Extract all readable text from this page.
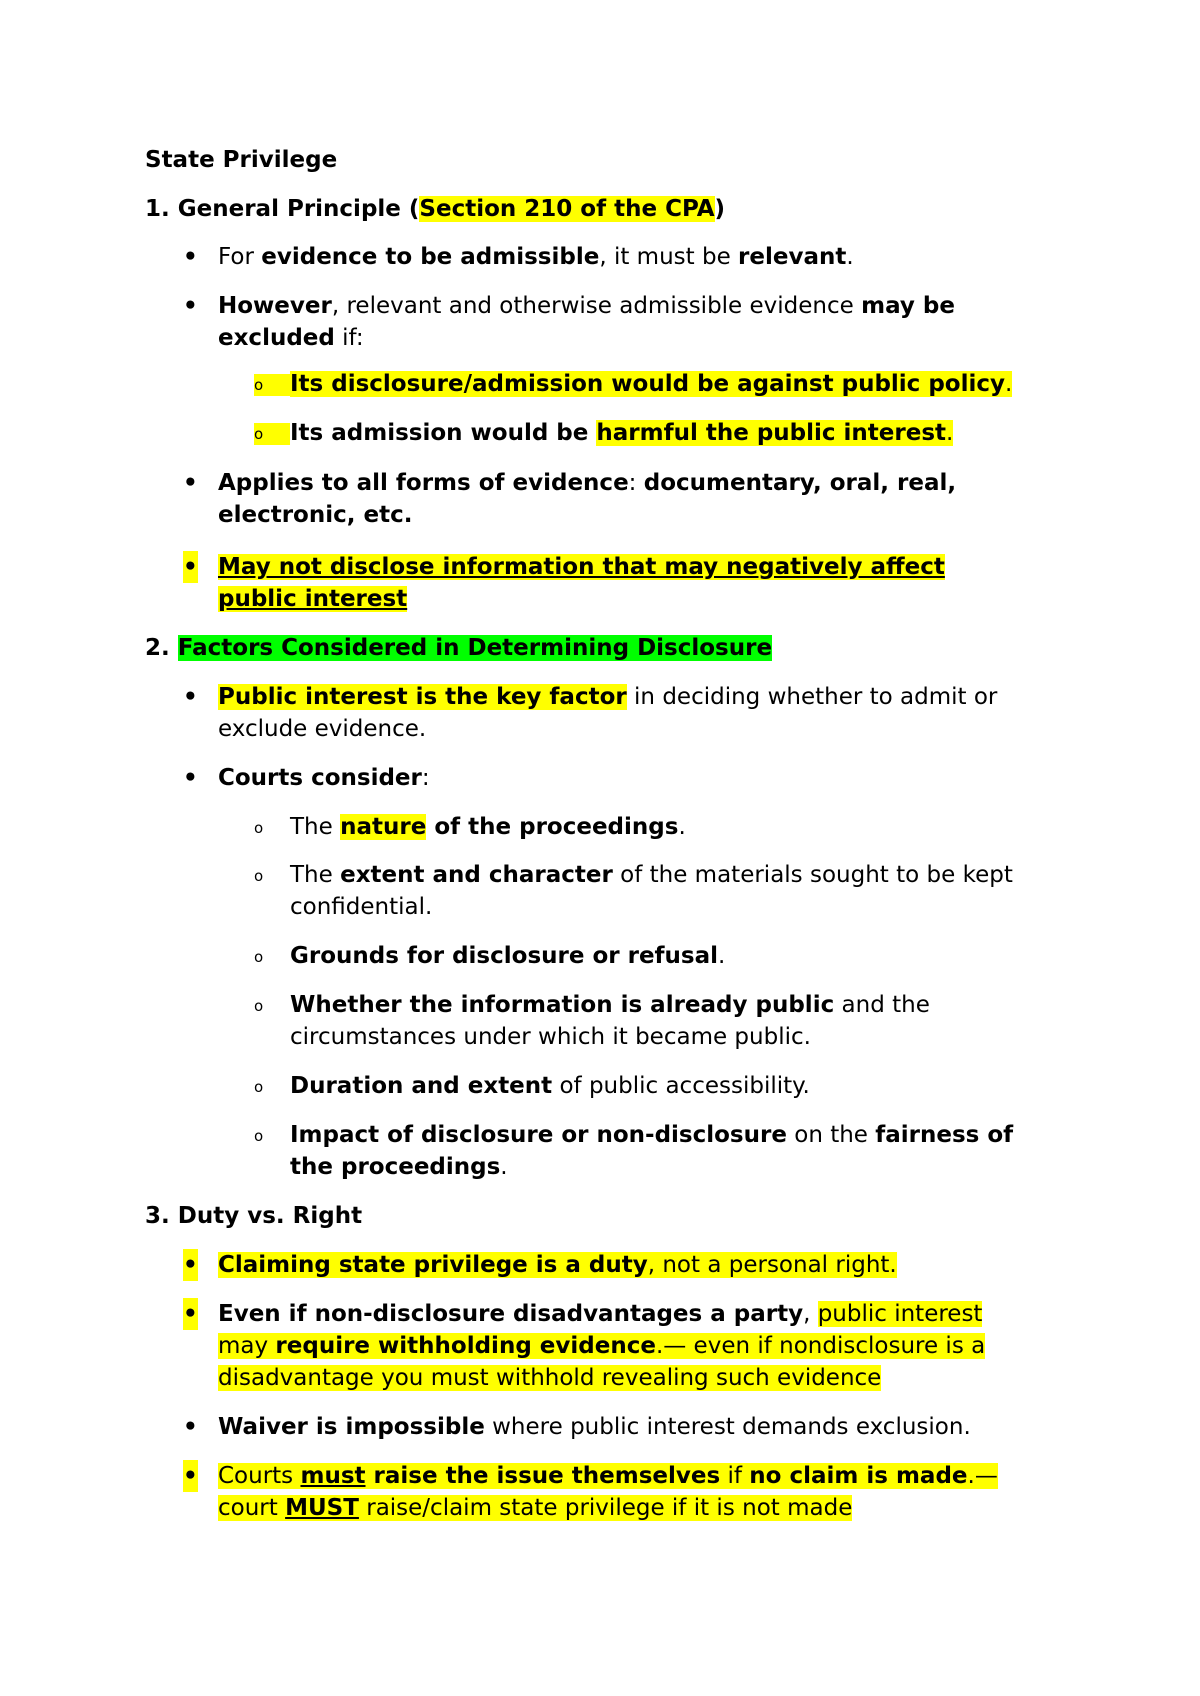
State Privilege
1. General Principle (Section 210 of the CPA)
• For evidence to be admissible, it must be relevant.
• However, relevant and otherwise admissible evidence may be
excluded if:
o	Its disclosure/admission would be against public policy.
o	Its admission would be harmful the public interest.
• Applies to all forms of evidence: documentary, oral, real,
electronic, etc.
• May not disclose information that may negatively affect
public interest
2. Factors Considered in Determining Disclosure
• Public interest is the key factor in deciding whether to admit or
exclude evidence.
• Courts consider:
o The nature of the proceedings.
o The extent and character of the materials sought to be kept
confidential.
o Grounds for disclosure or refusal.
o Whether the information is already public and the
circumstances under which it became public.
o Duration and extent of public accessibility.
o Impact of disclosure or non-disclosure on the fairness of
the proceedings.
3. Duty vs. Right
• Claiming state privilege is a duty, not a personal right.
• Even if non-disclosure disadvantages a party, public interest
may require withholding evidence.— even if nondisclosure is a
disadvantage you must withhold revealing such evidence
• Waiver is impossible where public interest demands exclusion.
• Courts must raise the issue themselves if no claim is made.—
court MUST raise/claim state privilege if it is not made
